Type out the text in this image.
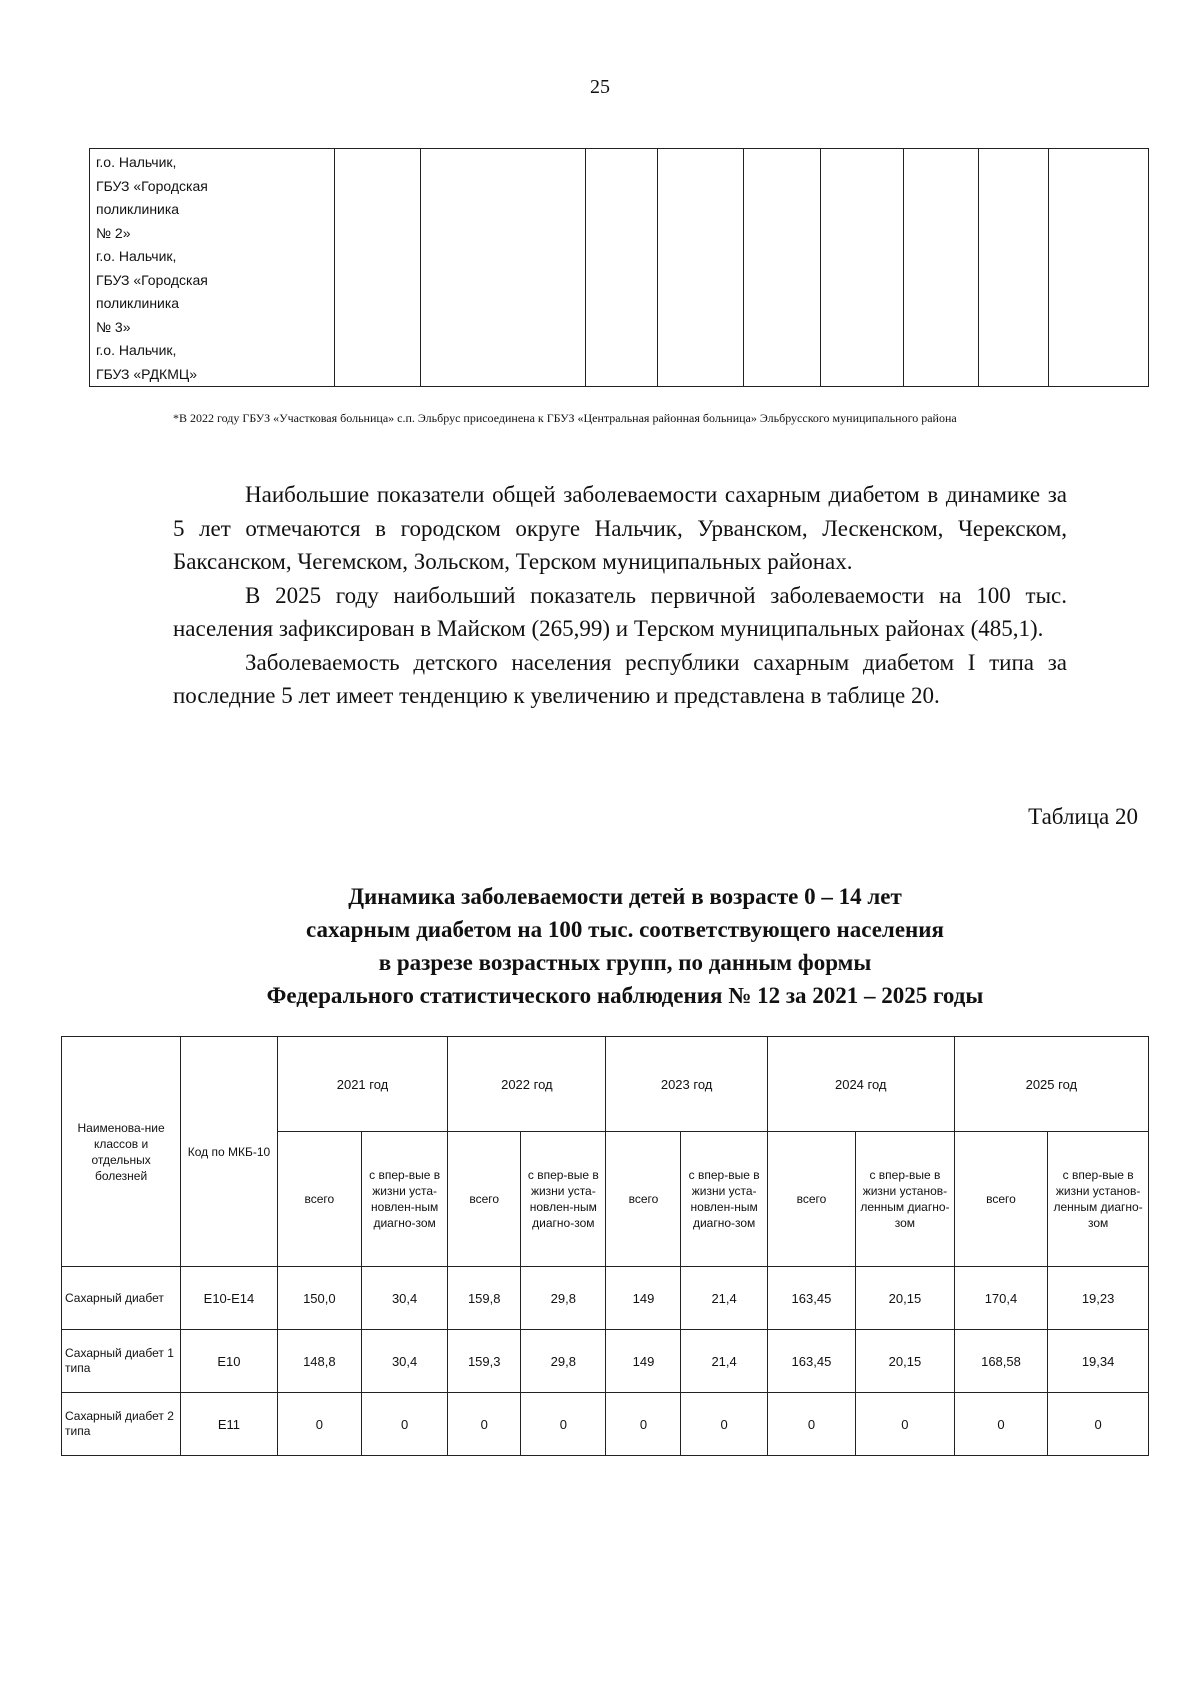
25
г.о. Нальчик,
ГБУЗ «Городская
поликлиника
№ 2»
г.о. Нальчик,
ГБУЗ «Городская
поликлиника
№ 3»
г.о. Нальчик,
ГБУЗ «РДКМЦ»

*В 2022 году ГБУЗ «Участковая больница» с.п. Эльбрус присоединена к ГБУЗ «Центральная районная больница» Эльбрусского муниципального района

Наибольшие показатели общей заболеваемости сахарным диабетом в динамике за 5 лет отмечаются в городском округе Нальчик, Урванском, Лескенском, Черекском, Баксанском, Чегемском, Зольском, Терском муниципальных районах.

В 2025 году наибольший показатель первичной заболеваемости на 100 тыс. населения зафиксирован в Майском (265,99) и Терском муниципальных районах (485,1).

Заболеваемость детского населения республики сахарным диабетом I типа за последние 5 лет имеет тенденцию к увеличению и представлена в таблице 20.

Таблица 20
Динамика заболеваемости детей в возрасте 0 – 14 лет
сахарным диабетом на 100 тыс. соответствующего населения
в разрезе возрастных групп, по данным формы
Федерального статистического наблюдения № 12 за 2021 – 2025 годы
Наименова-ние классов и отдельных болезней	Код по МКБ-10	2021 год		2022 год		2023 год		2024 год		2025 год	
		всего	с впер-вые в жизни уста-новлен-ным диагно-зом	всего	с впер-вые в жизни уста-новлен-ным диагно-зом	всего	с впер-вые в жизни уста-новлен-ным диагно-зом	всего	с впер-вые в жизни установ-ленным диагно-зом	всего	с впер-вые в жизни установ-ленным диагно-зом
Сахарный диабет	Е10-Е14	150,0	30,4	159,8	29,8	149	21,4	163,45	20,15	170,4	19,23
Сахарный диабет 1 типа	Е10	148,8	30,4	159,3	29,8	149	21,4	163,45	20,15	168,58	19,34
Сахарный диабет 2 типа	Е11	0	0	0	0	0	0	0	0	0	0
